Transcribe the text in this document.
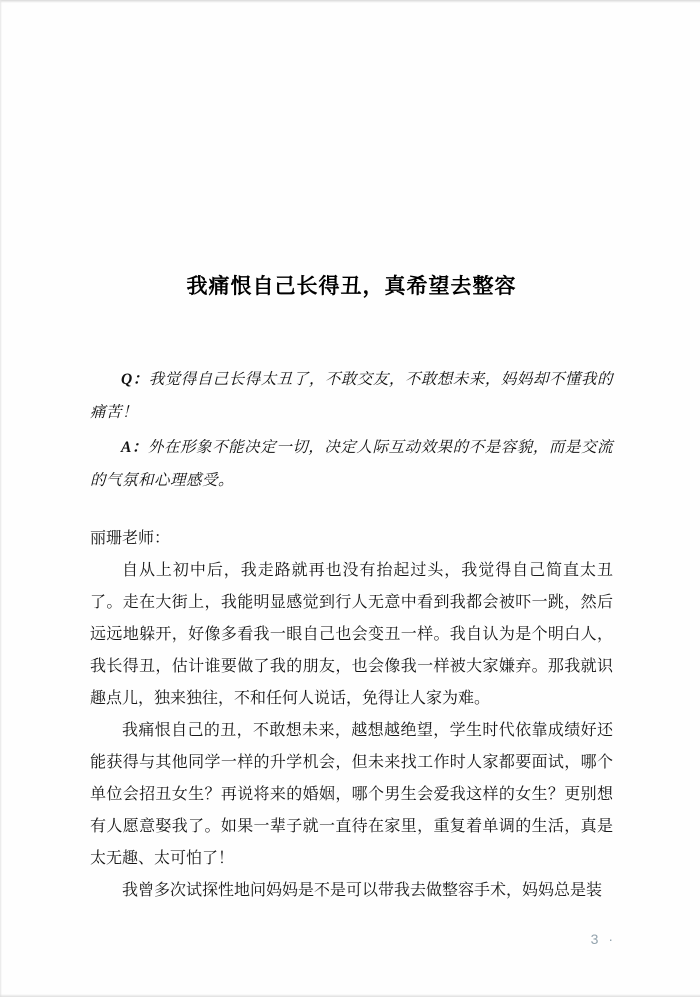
我痛恨自己长得丑，真希望去整容

Q：我觉得自己长得太丑了，不敢交友，不敢想未来，妈妈却不懂我的痛苦！

A：外在形象不能决定一切，决定人际互动效果的不是容貌，而是交流的气氛和心理感受。

丽珊老师：

自从上初中后，我走路就再也没有抬起过头，我觉得自己简直太丑了。走在大街上，我能明显感觉到行人无意中看到我都会被吓一跳，然后远远地躲开，好像多看我一眼自己也会变丑一样。我自认为是个明白人，我长得丑，估计谁要做了我的朋友，也会像我一样被大家嫌弃。那我就识趣点儿，独来独往，不和任何人说话，免得让人家为难。

我痛恨自己的丑，不敢想未来，越想越绝望，学生时代依靠成绩好还能获得与其他同学一样的升学机会，但未来找工作时人家都要面试，哪个单位会招丑女生？再说将来的婚姻，哪个男生会爱我这样的女生？更别想有人愿意娶我了。如果一辈子就一直待在家里，重复着单调的生活，真是太无趣、太可怕了！

我曾多次试探性地问妈妈是不是可以带我去做整容手术，妈妈总是装

3 ·
